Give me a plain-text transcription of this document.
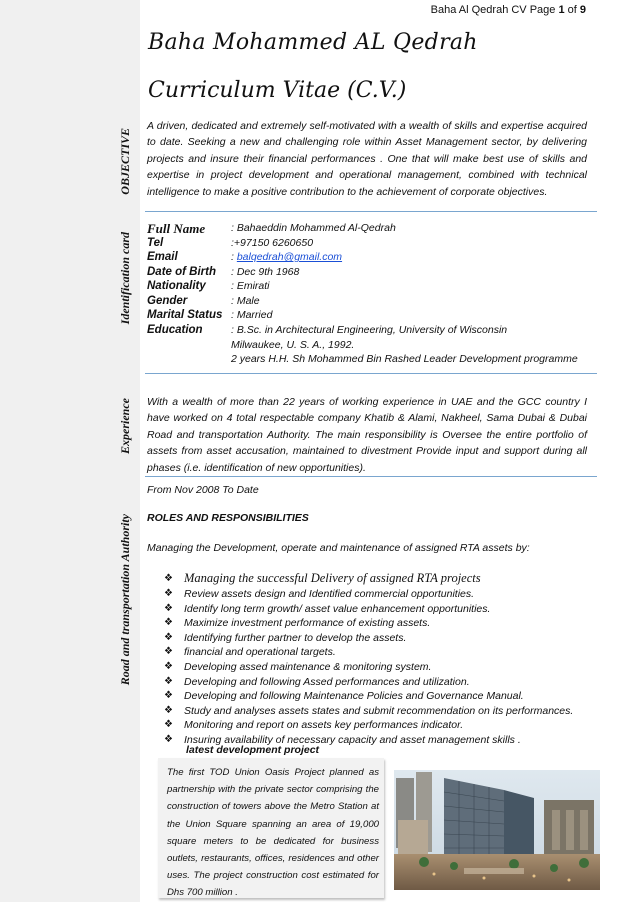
OBJECTIVE
Identification card
Experience
Road and transportation Authority
Baha Al Qedrah CV Page 1 of 9
Baha Mohammed AL Qedrah
Curriculum Vitae (C.V.)
A driven, dedicated and extremely self-motivated with a wealth of skills and expertise acquired to date. Seeking a new and challenging role within Asset Management sector, by delivering projects and insure their financial performances . One that will make best use of skills and expertise in project development and operational management, combined with technical intelligence to make a positive contribution to the achievement of corporate objectives.
Full Name	: Bahaeddin Mohammed Al-Qedrah
Tel	:+97150 6260650
Email	: balqedrah@gmail.com
Date of Birth	: Dec 9th 1968
Nationality	: Emirati
Gender	: Male
Marital Status : Married
Education	: B.Sc. in Architectural Engineering, University of Wisconsin
Milwaukee, U. S. A., 1992.
2 years H.H. Sh Mohammed Bin Rashed Leader Development programme
With a wealth of more than 22 years of working experience in UAE and the GCC country I have worked on 4 total respectable company Khatib & Alami, Nakheel, Sama Dubai & Dubai Road and transportation Authority. The main responsibility is Oversee the entire portfolio of assets from asset accusation, maintained to divestment Provide input and support during all phases (i.e. identification of new opportunities).
From Nov 2008 To Date
ROLES AND RESPONSIBILITIES
Managing the Development, operate and maintenance of assigned RTA assets by:
❖ Managing the successful Delivery of assigned RTA projects
❖ Review assets design and Identified commercial opportunities.
❖ Identify long term growth/ asset value enhancement opportunities.
❖ Maximize investment performance of existing assets.
❖ Identifying further partner to develop the assets.
❖ financial and operational targets.
❖ Developing assed maintenance & monitoring system.
❖ Developing and following Assed performances and utilization.
❖ Developing and following Maintenance Policies and Governance Manual.
❖ Study and analyses assets states and submit recommendation on its performances.
❖ Monitoring and report on assets key performances indicator.
❖ Insuring availability of necessary capacity and asset management skills .
latest development project
The first TOD Union Oasis Project planned as partnership with the private sector comprising the construction of towers above the Metro Station at the Union Square spanning an area of 19,000 square meters to be dedicated for business outlets, restaurants, offices, residences and other uses. The project construction cost estimated for Dhs 700 million .
